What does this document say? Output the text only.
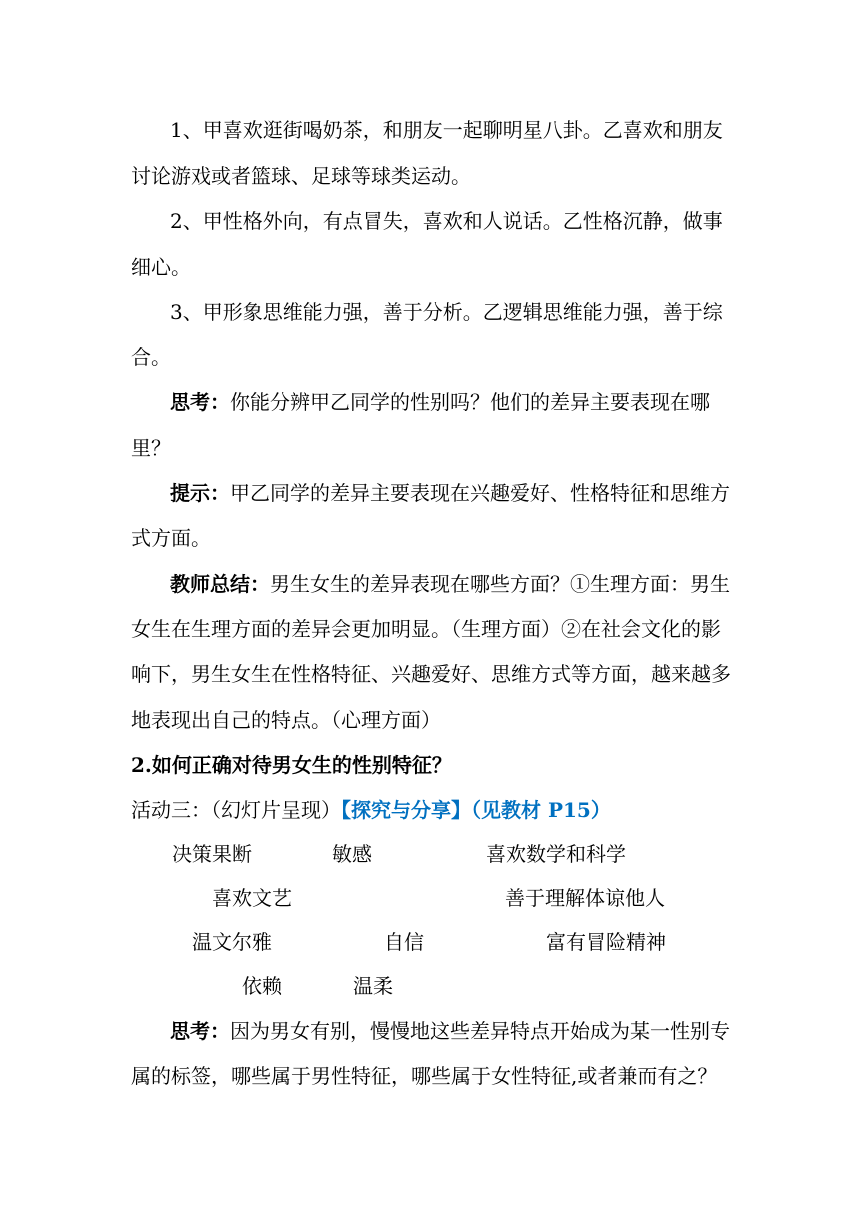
1、甲喜欢逛街喝奶茶，和朋友一起聊明星八卦。乙喜欢和朋友
讨论游戏或者篮球、足球等球类运动。
2、甲性格外向，有点冒失，喜欢和人说话。乙性格沉静，做事
细心。
3、甲形象思维能力强，善于分析。乙逻辑思维能力强，善于综
合。
思考：你能分辨甲乙同学的性别吗？他们的差异主要表现在哪
里？
提示：甲乙同学的差异主要表现在兴趣爱好、性格特征和思维方
式方面。
教师总结：男生女生的差异表现在哪些方面？①生理方面：男生
女生在生理方面的差异会更加明显。（生理方面）②在社会文化的影
响下，男生女生在性格特征、兴趣爱好、思维方式等方面，越来越多
地表现出自己的特点。（心理方面）
2.如何正确对待男女生的性别特征？
活动三：（幻灯片呈现）【探究与分享】（见教材 P15）
决策果断	敏感	喜欢数学和科学
喜欢文艺	善于理解体谅他人
温文尔雅	自信	富有冒险精神
依赖	温柔
思考：因为男女有别，慢慢地这些差异特点开始成为某一性别专
属的标签，哪些属于男性特征，哪些属于女性特征,或者兼而有之？
